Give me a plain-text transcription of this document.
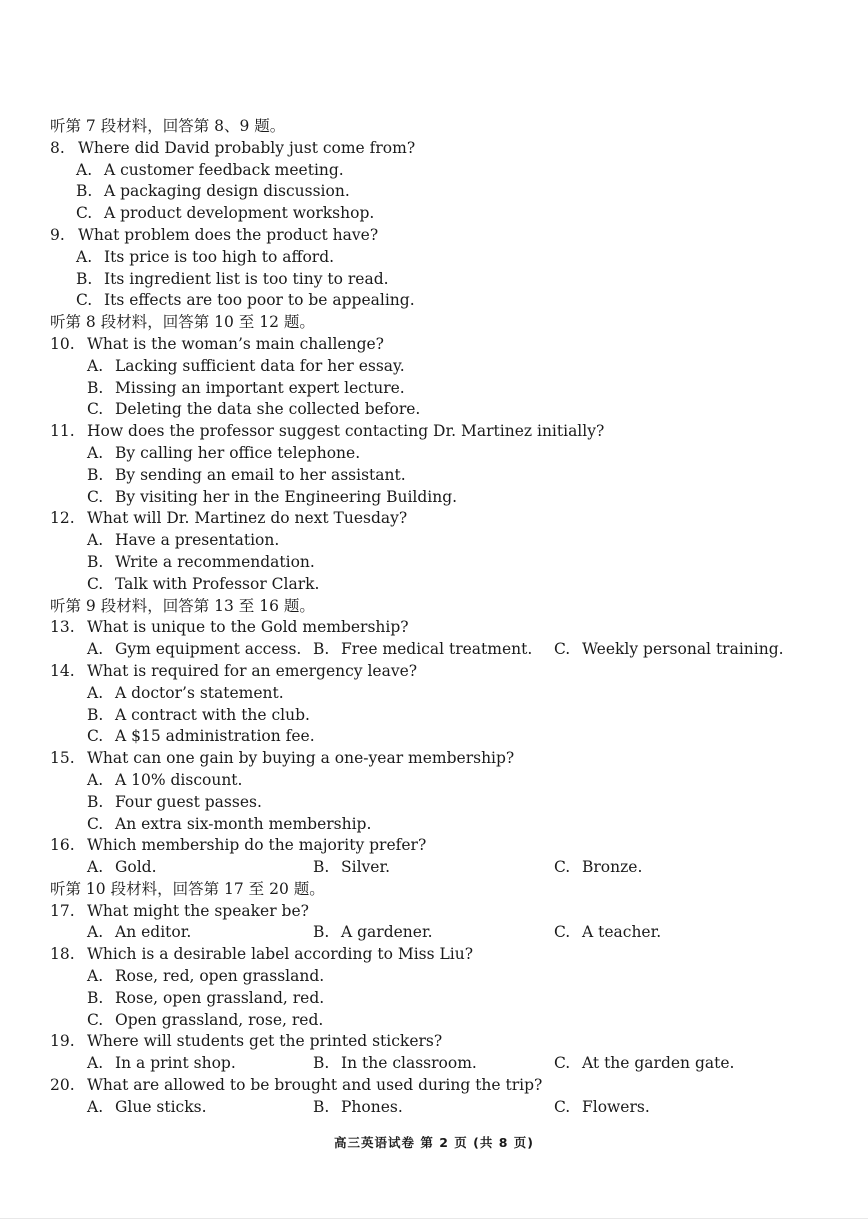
听第 7 段材料，回答第 8、9 题。
8. Where did David probably just come from?
A. A customer feedback meeting.
B. A packaging design discussion.
C. A product development workshop.
9. What problem does the product have?
A. Its price is too high to afford.
B. Its ingredient list is too tiny to read.
C. Its effects are too poor to be appealing.
听第 8 段材料，回答第 10 至 12 题。
10. What is the woman’s main challenge?
A. Lacking sufficient data for her essay.
B. Missing an important expert lecture.
C. Deleting the data she collected before.
11. How does the professor suggest contacting Dr. Martinez initially?
A. By calling her office telephone.
B. By sending an email to her assistant.
C. By visiting her in the Engineering Building.
12. What will Dr. Martinez do next Tuesday?
A. Have a presentation.
B. Write a recommendation.
C. Talk with Professor Clark.
听第 9 段材料，回答第 13 至 16 题。
13. What is unique to the Gold membership?
A. Gym equipment access. B. Free medical treatment. C. Weekly personal training.
14. What is required for an emergency leave?
A. A doctor’s statement.
B. A contract with the club.
C. A $15 administration fee.
15. What can one gain by buying a one-year membership?
A. A 10% discount.
B. Four guest passes.
C. An extra six-month membership.
16. Which membership do the majority prefer?
A. Gold.	B. Silver.	C. Bronze.
听第 10 段材料，回答第 17 至 20 题。
17. What might the speaker be?
A. An editor.	B. A gardener.	C. A teacher.
18. Which is a desirable label according to Miss Liu?
A. Rose, red, open grassland.
B. Rose, open grassland, red.
C. Open grassland, rose, red.
19. Where will students get the printed stickers?
A. In a print shop.	B. In the classroom.	C. At the garden gate.
20. What are allowed to be brought and used during the trip?
A. Glue sticks.	B. Phones.	C. Flowers.
高三英语试卷 第 2 页 (共 8 页)
